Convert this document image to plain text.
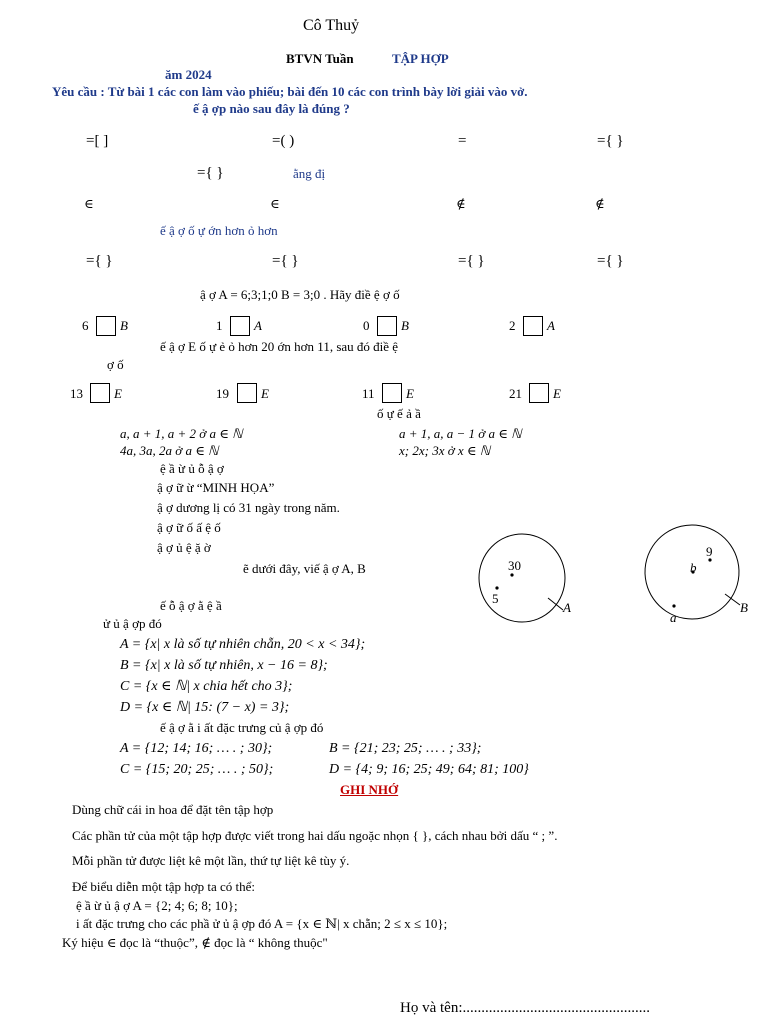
Cô Thuỷ
BTVN Tuần	TẬP HỢP
ăm 2024
Yêu cầu : Từ bài 1 các con làm vào phiếu; bài đến 10 các con trình bày lời giải vào vở.
ế ậ ợp nào sau đây là đúng ?
=[ ]	=( )	=	={ }
={ }	ằng đị
∈	∈	∉	∉
ế ậ ợ ố ự ớn hơn ỏ hơn
={ }	={ }	={ }	={ }
ậ ợ A = 6;3;1;0 B = 3;0 . Hãy điề ệ ợ ố
6 B	1 A	0 B	2 A
ế ậ ợ E ố ự ẻ ỏ hơn 20 ớn hơn 11, sau đó điề ệ
ợ ố
13 E	19 E	11 E	21 E
ố ự ế ả ầ
a, a + 1, a + 2 ở a ∈ ℕ	a + 1, a, a − 1 ở a ∈ ℕ
4a, 3a, 2a ở a ∈ ℕ	x; 2x; 3x ở x ∈ ℕ
ệ ầ ừ ủ ỗ ậ ợ
ậ ợ ữ ừ “MINH HỌA”
ậ ợ dương lị có 31 ngày trong năm.
ậ ợ ữ ố ấ ệ ố
ậ ợ ủ ệ ặ ờ
ẽ dưới đây, viế ậ ợ A, B	30
5
A
9
b
a
B
ế ỗ ậ ợ ằ ệ ầ
ử ủ ậ ợp đó
A = {x| x là số tự nhiên chẵn, 20 < x < 34};
B = {x| x là số tự nhiên, x − 16 = 8};
C = {x ∈ ℕ| x chia hết cho 3};
D = {x ∈ ℕ| 15: (7 − x) = 3};
ế ậ ợ ằ i ất đặc trưng củ ậ ợp đó
A = {12; 14; 16; … . ; 30};	B = {21; 23; 25; … . ; 33};
C = {15; 20; 25; … . ; 50};	D = {4; 9; 16; 25; 49; 64; 81; 100}
GHI NHỚ
Dùng chữ cái in hoa để đặt tên tập hợp
Các phần tử của một tập hợp được viết trong hai dấu ngoặc nhọn { }, cách nhau bởi dấu “ ; ”.
Mỗi phần tử được liệt kê một lần, thứ tự liệt kê tùy ý.
Để biểu diễn một tập hợp ta có thể:
ệ ầ ừ ủ ậ ợ A = {2; 4; 6; 8; 10};
i ất đặc trưng cho các phầ ử ủ ậ ợp đó A = {x ∈ ℕ| x chẵn; 2 ≤ x ≤ 10};
Ký hiệu ∈ đọc là “thuộc”, ∉ đọc là “ không thuộc"
Họ và tên:..................................................
